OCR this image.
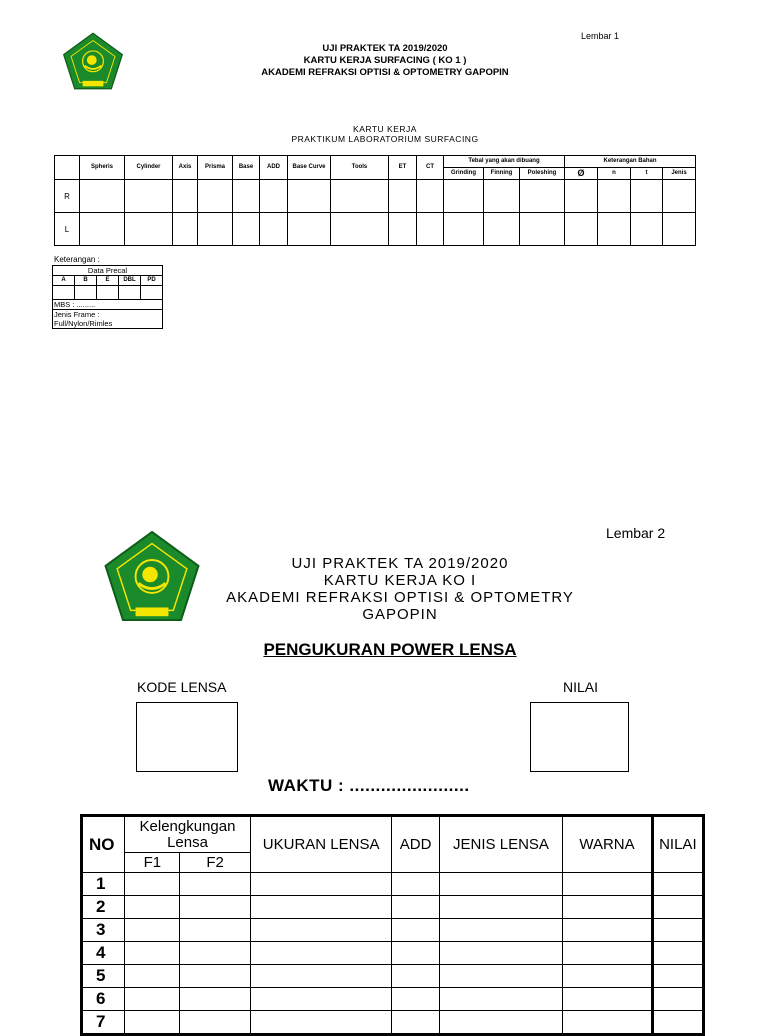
Lembar 1
UJI PRAKTEK TA 2019/2020
KARTU KERJA SURFACING ( KO 1 )
AKADEMI REFRAKSI OPTISI & OPTOMETRY GAPOPIN
KARTU KERJA
PRAKTIKUM LABORATORIUM SURFACING
	Spheris	Cylinder	Axis	Prisma	Base	ADD	Base Curve	Tools	ET	CT	Tebal yang akan dibuang			Keterangan Bahan			
											Grinding	Finning	Poleshing	Ø	n	t	Jenis
R																	
L																	
Keterangan :
Data Precal				
A	B	E	DBL	PD

MBS : .........				

Jenis Frame :
Full/Nylon/Rimles				
Lembar 2
UJI PRAKTEK TA 2019/2020
KARTU KERJA KO I
AKADEMI REFRAKSI OPTISI & OPTOMETRY GAPOPIN
PENGUKURAN POWER LENSA
KODE LENSA	NILAI
WAKTU : .......................
NO	Kelengkungan Lensa		UKURAN LENSA	ADD	JENIS LENSA	WARNA	NILAI
	F1	F2					
1							
2							
3							
4							
5							
6							
7							
